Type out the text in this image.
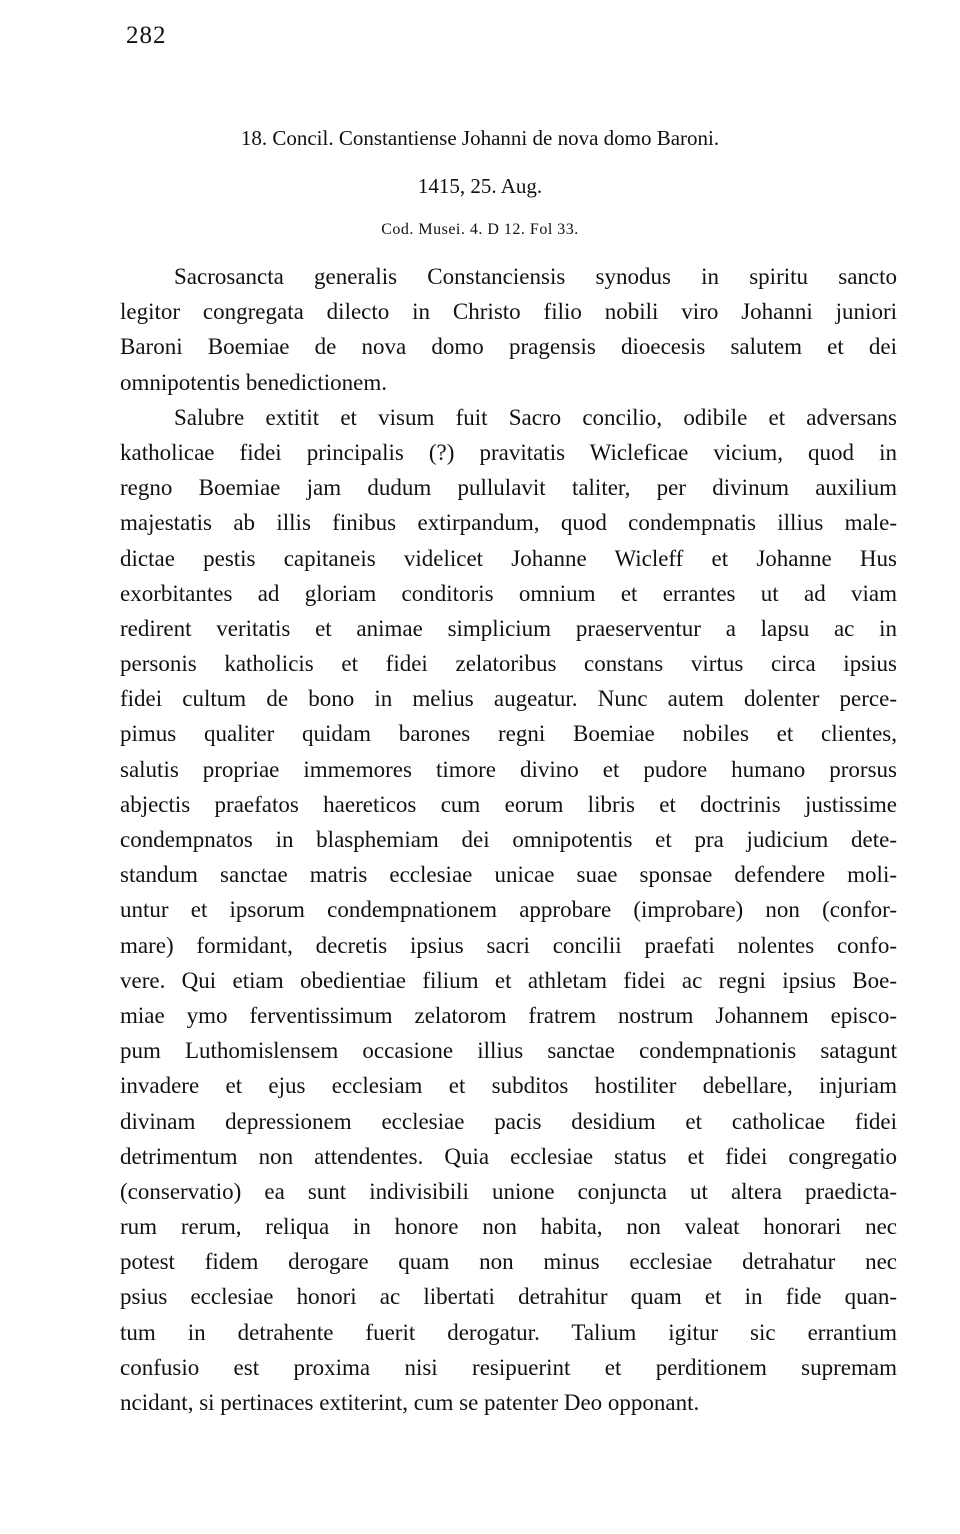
282
18. Concil. Constantiense Johanni de nova domo Baroni.
1415, 25. Aug.
Cod. Musei. 4. D 12. Fol 33.
Sacrosancta generalis Constanciensis synodus in spiritu sancto
legitor congregata dilecto in Christo filio nobili viro Johanni juniori
Baroni Boemiae de nova domo pragensis dioecesis salutem et dei
omnipotentis benedictionem.
Salubre extitit et visum fuit Sacro concilio, odibile et adversans
katholicae fidei principalis (?) pravitatis Wicleficae vicium, quod in
regno Boemiae jam dudum pullulavit taliter, per divinum auxilium
majestatis ab illis finibus extirpandum, quod condempnatis illius male-
dictae pestis capitaneis videlicet Johanne Wicleff et Johanne Hus
exorbitantes ad gloriam conditoris omnium et errantes ut ad viam
redirent veritatis et animae simplicium praeserventur a lapsu ac in
personis katholicis et fidei zelatoribus constans virtus circa ipsius
fidei cultum de bono in melius augeatur. Nunc autem dolenter perce-
pimus qualiter quidam barones regni Boemiae nobiles et clientes,
salutis propriae immemores timore divino et pudore humano prorsus
abjectis praefatos haereticos cum eorum libris et doctrinis justissime
condempnatos in blasphemiam dei omnipotentis et pra judicium dete-
standum sanctae matris ecclesiae unicae suae sponsae defendere moli-
untur et ipsorum condempnationem approbare (improbare) non (confor-
mare) formidant, decretis ipsius sacri concilii praefati nolentes confo-
vere. Qui etiam obedientiae filium et athletam fidei ac regni ipsius Boe-
miae ymo ferventissimum zelatorom fratrem nostrum Johannem episco-
pum Luthomislensem occasione illius sanctae condempnationis satagunt
invadere et ejus ecclesiam et subditos hostiliter debellare, injuriam
divinam depressionem ecclesiae pacis desidium et catholicae fidei
detrimentum non attendentes. Quia ecclesiae status et fidei congregatio
(conservatio) ea sunt indivisibili unione conjuncta ut altera praedicta-
rum rerum, reliqua in honore non habita, non valeat honorari nec
potest fidem derogare quam non minus ecclesiae detrahatur nec
psius ecclesiae honori ac libertati detrahitur quam et in fide quan-
tum in detrahente fuerit derogatur. Talium igitur sic errantium
confusio est proxima nisi resipuerint et perditionem supremam
ncidant, si pertinaces extiterint, cum se patenter Deo opponant.
